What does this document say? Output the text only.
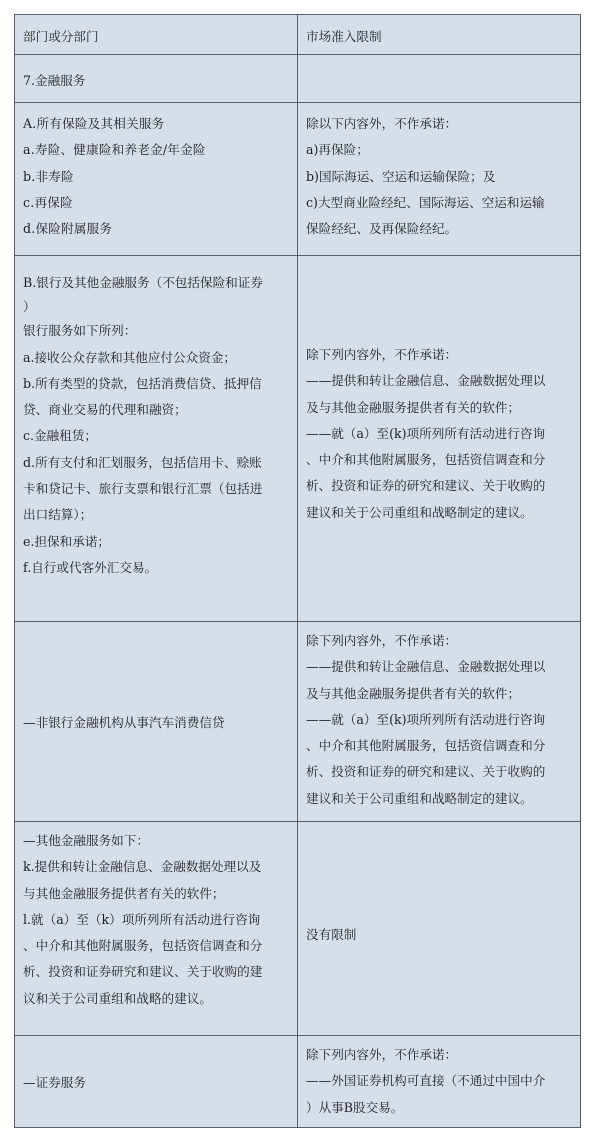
部门或分部门	市场准入限制
7.金融服务
A.所有保险及其相关服务
a.寿险、健康险和养老金/年金险
b.非寿险
c.再保险
d.保险附属服务
除以下内容外，不作承诺：
a)再保险；
b)国际海运、空运和运输保险；及
c)大型商业险经纪、国际海运、空运和运输
保险经纪、及再保险经纪。
B.银行及其他金融服务（不包括保险和证券
）
银行服务如下所列：
a.接收公众存款和其他应付公众资金；
b.所有类型的贷款，包括消费信贷、抵押信
贷、商业交易的代理和融资；
c.金融租赁；
d.所有支付和汇划服务，包括信用卡、赊账
卡和贷记卡、旅行支票和银行汇票（包括进
出口结算）；
e.担保和承诺；
f.自行或代客外汇交易。
除下列内容外，不作承诺：
——提供和转让金融信息、金融数据处理以
及与其他金融服务提供者有关的软件；
——就（a）至(k)项所列所有活动进行咨询
、中介和其他附属服务，包括资信调查和分
析、投资和证券的研究和建议、关于收购的
建议和关于公司重组和战略制定的建议。
—非银行金融机构从事汽车消费信贷
除下列内容外，不作承诺：
——提供和转让金融信息、金融数据处理以
及与其他金融服务提供者有关的软件；
——就（a）至(k)项所列所有活动进行咨询
、中介和其他附属服务，包括资信调查和分
析、投资和证券的研究和建议、关于收购的
建议和关于公司重组和战略制定的建议。
—其他金融服务如下：
k.提供和转让金融信息、金融数据处理以及
与其他金融服务提供者有关的软件；
l.就（a）至（k）项所列所有活动进行咨询
、中介和其他附属服务，包括资信调查和分
析、投资和证券研究和建议、关于收购的建
议和关于公司重组和战略的建议。
没有限制
—证券服务
除下列内容外，不作承诺：
——外国证券机构可直接（不通过中国中介
）从事B股交易。
